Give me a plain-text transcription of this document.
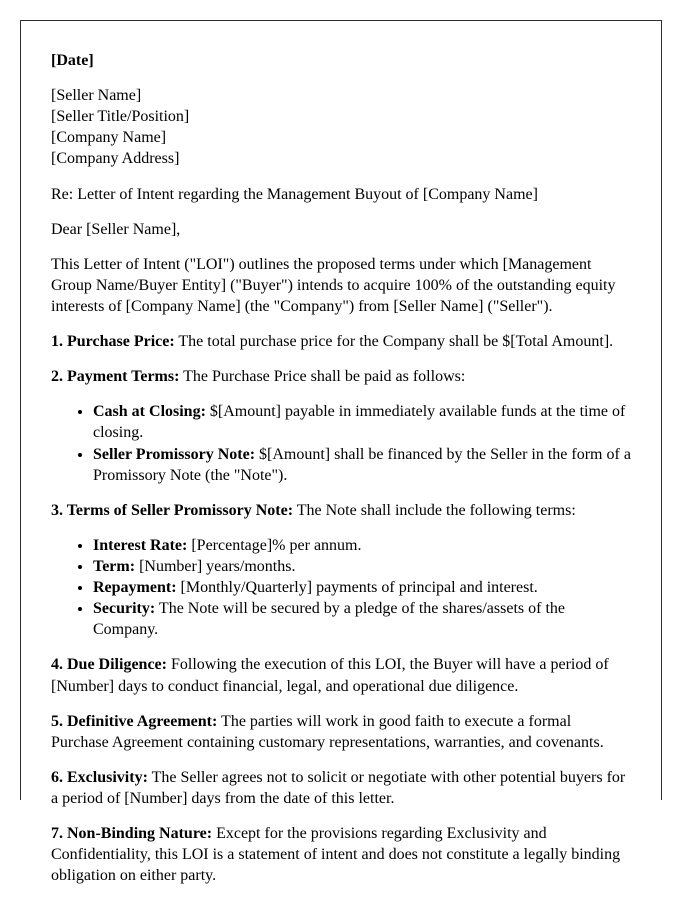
[Date]

[Seller Name]
[Seller Title/Position]
[Company Name]
[Company Address]

Re: Letter of Intent regarding the Management Buyout of [Company Name]

Dear [Seller Name],

This Letter of Intent ("LOI") outlines the proposed terms under which [Management Group Name/Buyer Entity] ("Buyer") intends to acquire 100% of the outstanding equity interests of [Company Name] (the "Company") from [Seller Name] ("Seller").

1. Purchase Price: The total purchase price for the Company shall be $[Total Amount].

2. Payment Terms: The Purchase Price shall be paid as follows:

• Cash at Closing: $[Amount] payable in immediately available funds at the time of closing.
• Seller Promissory Note: $[Amount] shall be financed by the Seller in the form of a Promissory Note (the "Note").

3. Terms of Seller Promissory Note: The Note shall include the following terms:

• Interest Rate: [Percentage]% per annum.
• Term: [Number] years/months.
• Repayment: [Monthly/Quarterly] payments of principal and interest.
• Security: The Note will be secured by a pledge of the shares/assets of the Company.

4. Due Diligence: Following the execution of this LOI, the Buyer will have a period of [Number] days to conduct financial, legal, and operational due diligence.

5. Definitive Agreement: The parties will work in good faith to execute a formal Purchase Agreement containing customary representations, warranties, and covenants.

6. Exclusivity: The Seller agrees not to solicit or negotiate with other potential buyers for a period of [Number] days from the date of this letter.

7. Non-Binding Nature: Except for the provisions regarding Exclusivity and Confidentiality, this LOI is a statement of intent and does not constitute a legally binding obligation on either party.
